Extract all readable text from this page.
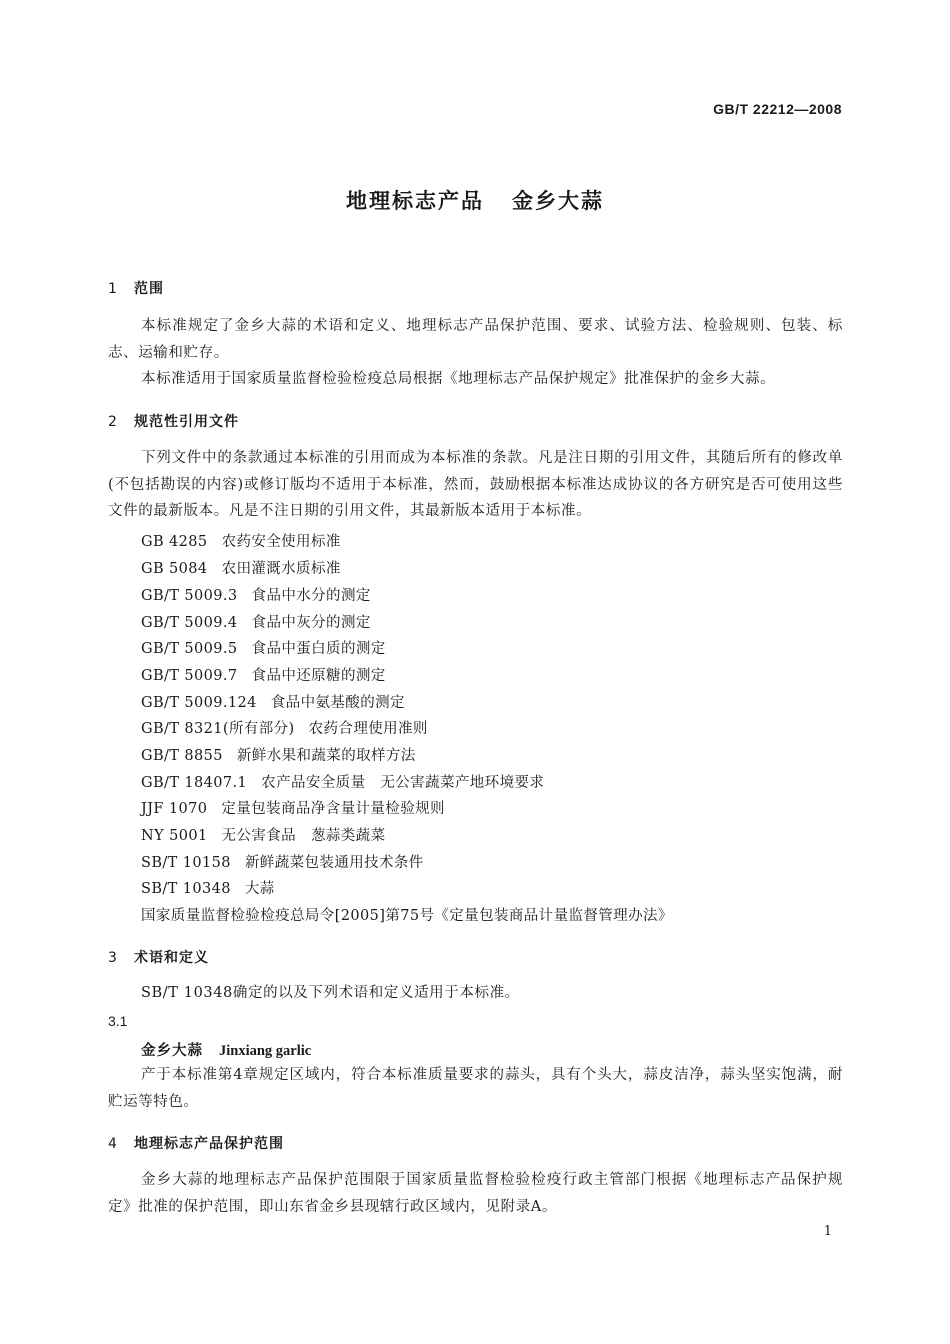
GB/T 22212—2008
地理标志产品 金乡大蒜
1 范围

本标准规定了金乡大蒜的术语和定义、地理标志产品保护范围、要求、试验方法、检验规则、包装、标志、运输和贮存。

本标准适用于国家质量监督检验检疫总局根据《地理标志产品保护规定》批准保护的金乡大蒜。

2 规范性引用文件

下列文件中的条款通过本标准的引用而成为本标准的条款。凡是注日期的引用文件，其随后所有的修改单(不包括勘误的内容)或修订版均不适用于本标准，然而，鼓励根据本标准达成协议的各方研究是否可使用这些文件的最新版本。凡是不注日期的引用文件，其最新版本适用于本标准。

GB 4285 农药安全使用标准
GB 5084 农田灌溉水质标准
GB/T 5009.3 食品中水分的测定
GB/T 5009.4 食品中灰分的测定
GB/T 5009.5 食品中蛋白质的测定
GB/T 5009.7 食品中还原糖的测定
GB/T 5009.124 食品中氨基酸的测定
GB/T 8321(所有部分) 农药合理使用准则
GB/T 8855 新鲜水果和蔬菜的取样方法
GB/T 18407.1 农产品安全质量　无公害蔬菜产地环境要求
JJF 1070 定量包装商品净含量计量检验规则
NY 5001 无公害食品　葱蒜类蔬菜
SB/T 10158 新鲜蔬菜包装通用技术条件
SB/T 10348 大蒜
国家质量监督检验检疫总局令[2005]第75号《定量包装商品计量监督管理办法》
3 术语和定义

SB/T 10348确定的以及下列术语和定义适用于本标准。

3.1
金乡大蒜 Jinxiang garlic

产于本标准第4章规定区域内，符合本标准质量要求的蒜头，具有个头大，蒜皮洁净，蒜头坚实饱满，耐贮运等特色。

4 地理标志产品保护范围

金乡大蒜的地理标志产品保护范围限于国家质量监督检验检疫行政主管部门根据《地理标志产品保护规定》批准的保护范围，即山东省金乡县现辖行政区域内，见附录A。

1
